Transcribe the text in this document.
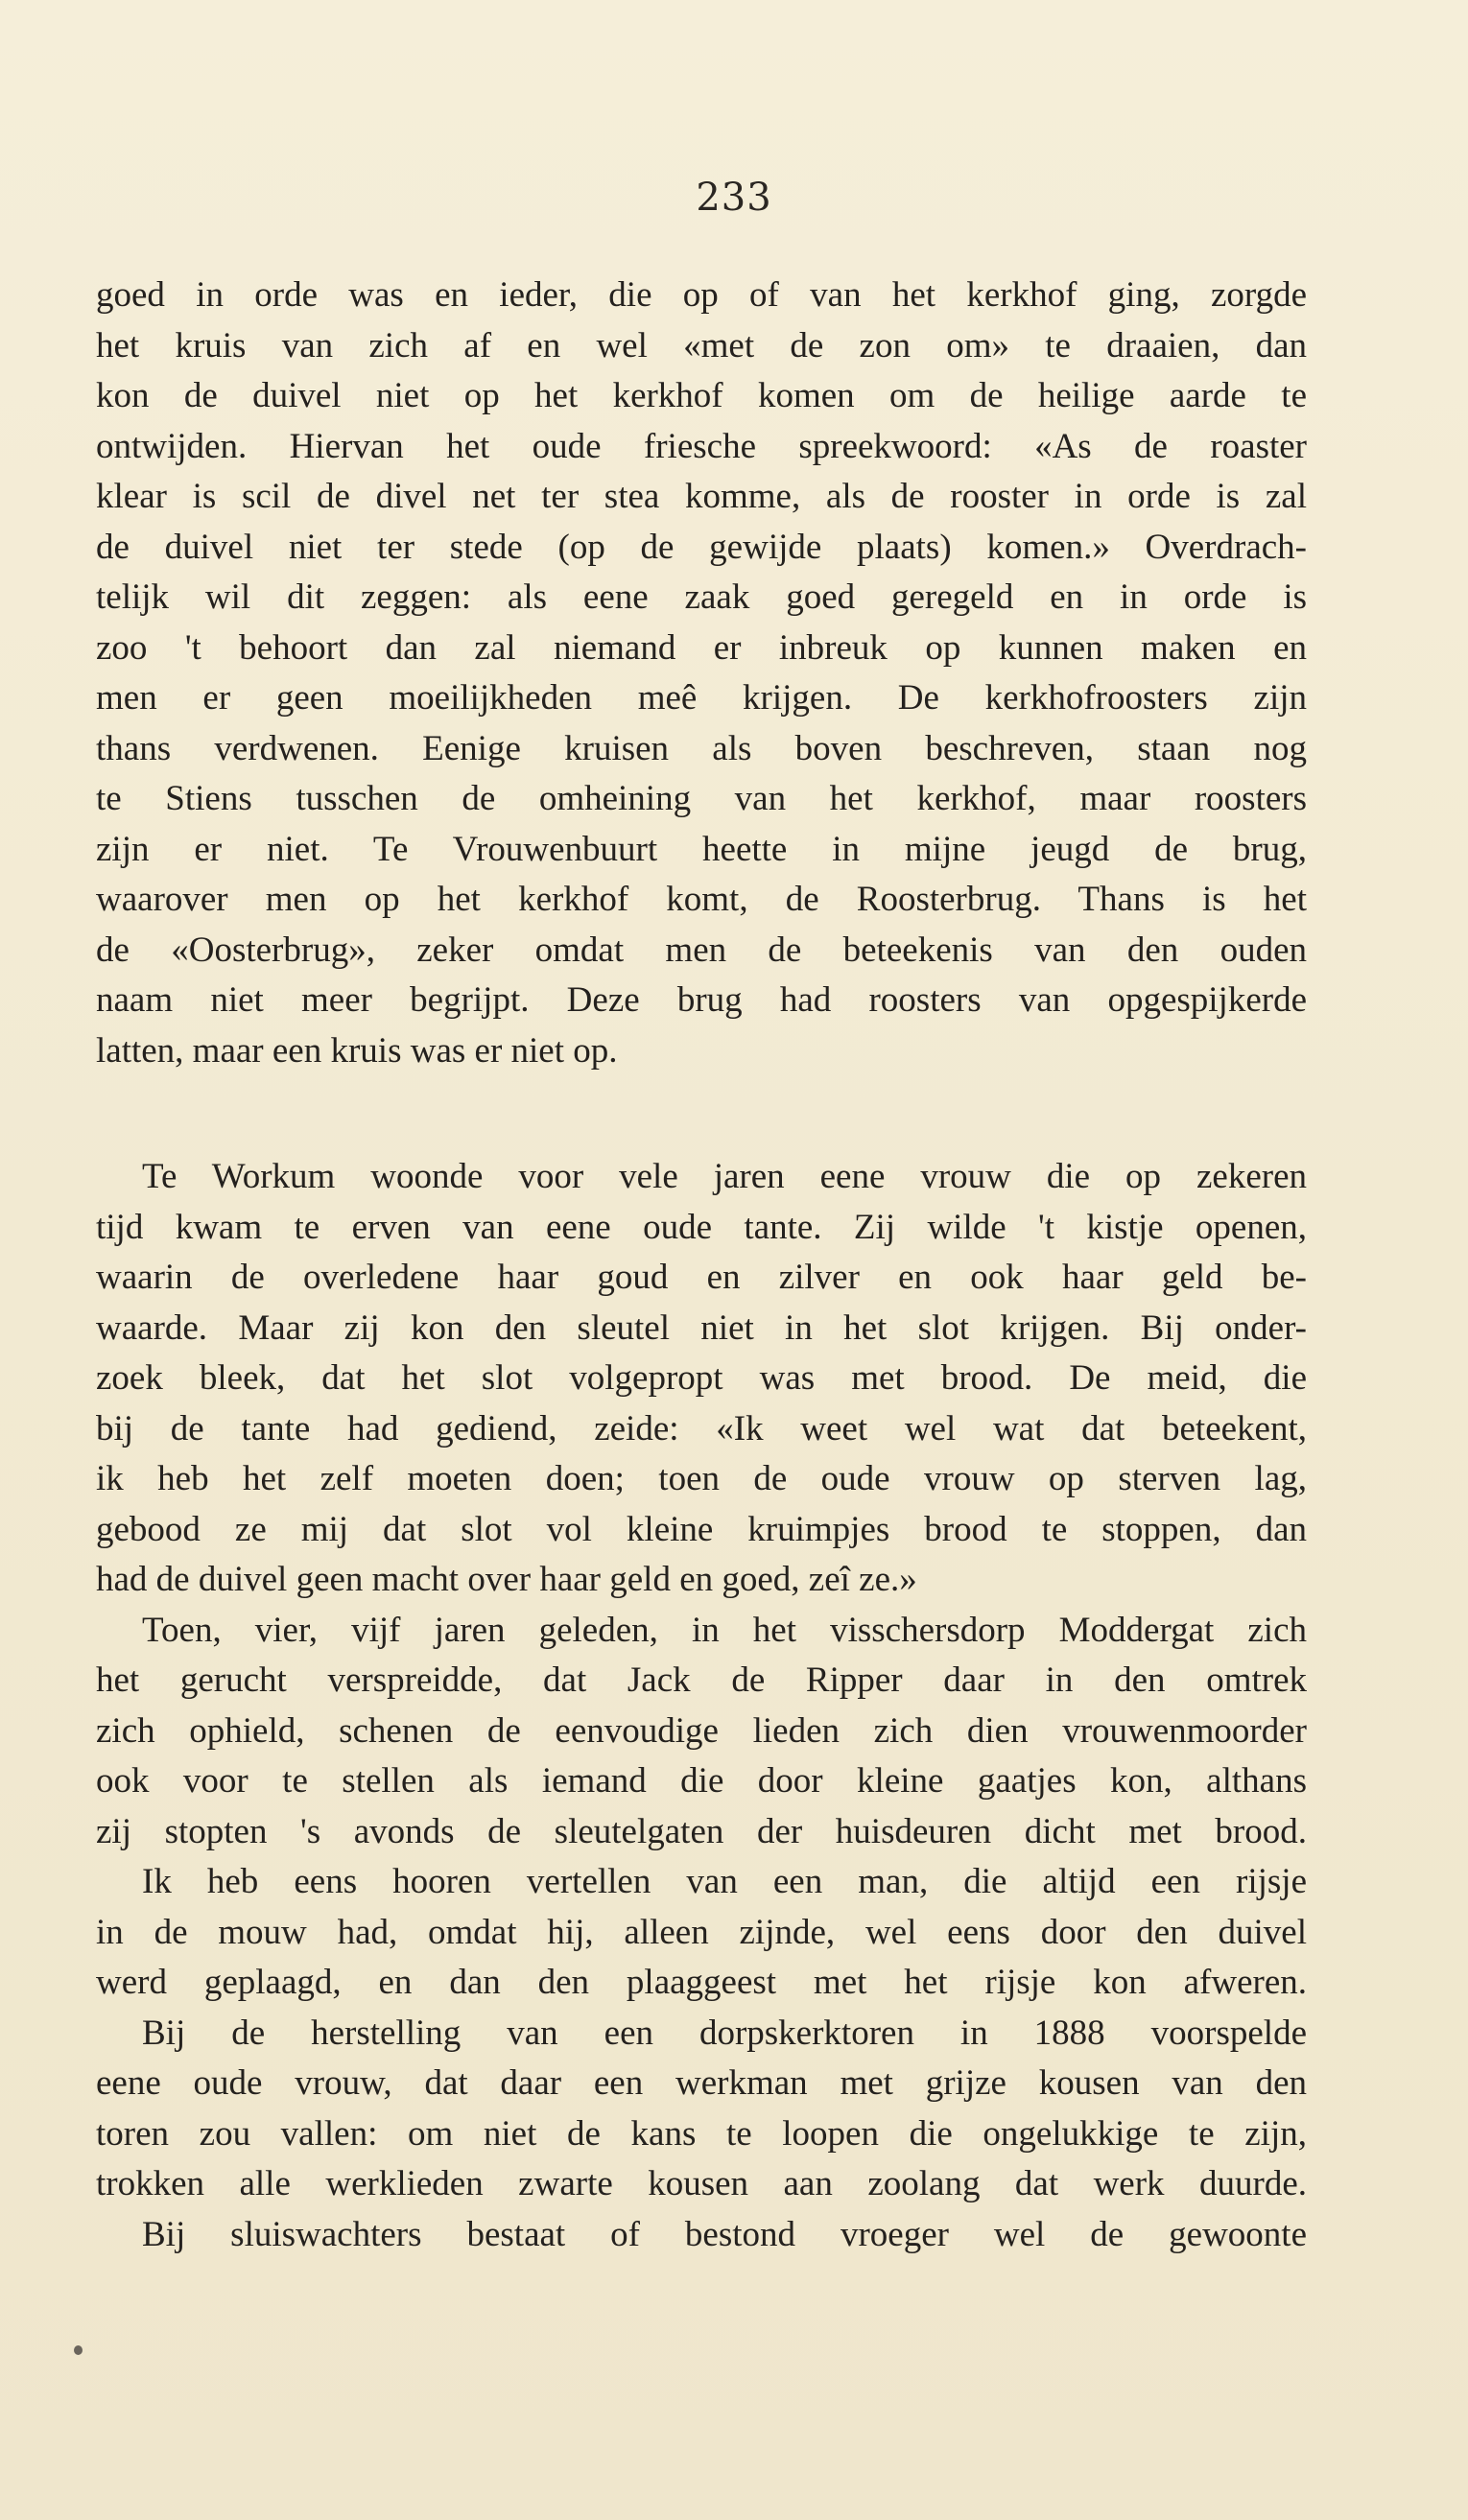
233
goed in orde was en ieder, die op of van het kerkhof ging, zorgde
het kruis van zich af en wel «met de zon om» te draaien, dan
kon de duivel niet op het kerkhof komen om de heilige aarde te
ontwijden. Hiervan het oude friesche spreekwoord: «As de roaster
klear is scil de divel net ter stea komme, als de rooster in orde is zal
de duivel niet ter stede (op de gewijde plaats) komen.» Overdrach-
telijk wil dit zeggen: als eene zaak goed geregeld en in orde is
zoo 't behoort dan zal niemand er inbreuk op kunnen maken en
men er geen moeilijkheden meê krijgen. De kerkhofroosters zijn
thans verdwenen. Eenige kruisen als boven beschreven, staan nog
te Stiens tusschen de omheining van het kerkhof, maar roosters
zijn er niet. Te Vrouwenbuurt heette in mijne jeugd de brug,
waarover men op het kerkhof komt, de Roosterbrug. Thans is het
de «Oosterbrug», zeker omdat men de beteekenis van den ouden
naam niet meer begrijpt. Deze brug had roosters van opgespijkerde
latten, maar een kruis was er niet op.
Te Workum woonde voor vele jaren eene vrouw die op zekeren
tijd kwam te erven van eene oude tante. Zij wilde 't kistje openen,
waarin de overledene haar goud en zilver en ook haar geld be-
waarde. Maar zij kon den sleutel niet in het slot krijgen. Bij onder-
zoek bleek, dat het slot volgepropt was met brood. De meid, die
bij de tante had gediend, zeide: «Ik weet wel wat dat beteekent,
ik heb het zelf moeten doen; toen de oude vrouw op sterven lag,
gebood ze mij dat slot vol kleine kruimpjes brood te stoppen, dan
had de duivel geen macht over haar geld en goed, zeî ze.»
Toen, vier, vijf jaren geleden, in het visschersdorp Moddergat zich
het gerucht verspreidde, dat Jack de Ripper daar in den omtrek
zich ophield, schenen de eenvoudige lieden zich dien vrouwenmoorder
ook voor te stellen als iemand die door kleine gaatjes kon, althans
zij stopten 's avonds de sleutelgaten der huisdeuren dicht met brood.
Ik heb eens hooren vertellen van een man, die altijd een rijsje
in de mouw had, omdat hij, alleen zijnde, wel eens door den duivel
werd geplaagd, en dan den plaaggeest met het rijsje kon afweren.
Bij de herstelling van een dorpskerktoren in 1888 voorspelde
eene oude vrouw, dat daar een werkman met grijze kousen van den
toren zou vallen: om niet de kans te loopen die ongelukkige te zijn,
trokken alle werklieden zwarte kousen aan zoolang dat werk duurde.
Bij sluiswachters bestaat of bestond vroeger wel de gewoonte
